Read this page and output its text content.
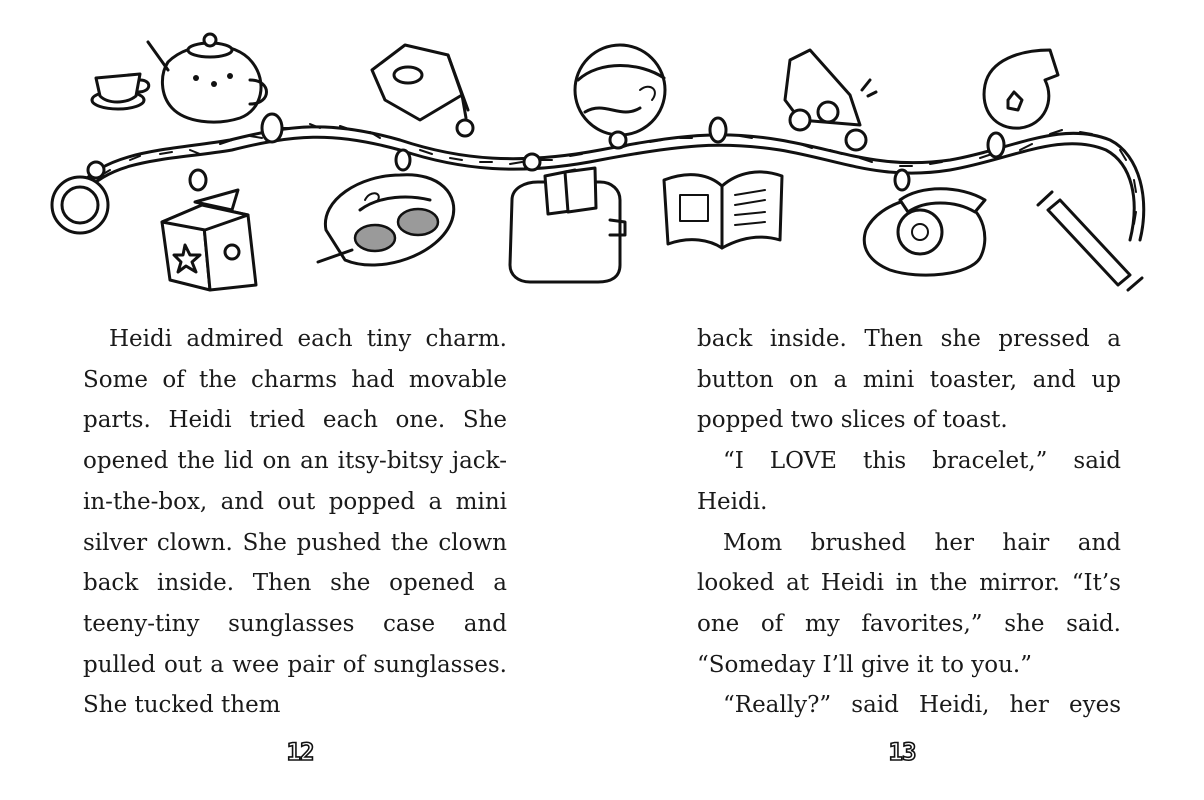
Heidi admired each tiny charm. Some of the charms had movable parts. Heidi tried each one. She opened the lid on an itsy-bitsy jack-in-the-box, and out popped a mini silver clown. She pushed the clown back inside. Then she opened a teeny-tiny sunglasses case and pulled out a wee pair of sunglasses. She tucked them

back inside. Then she pressed a button on a mini toaster, and up popped two slices of toast.

“I LOVE this bracelet,” said Heidi.

Mom brushed her hair and looked at Heidi in the mirror. “It’s one of my favorites,” she said. “Someday I’ll give it to you.”

“Really?” said Heidi, her eyes

12	13
